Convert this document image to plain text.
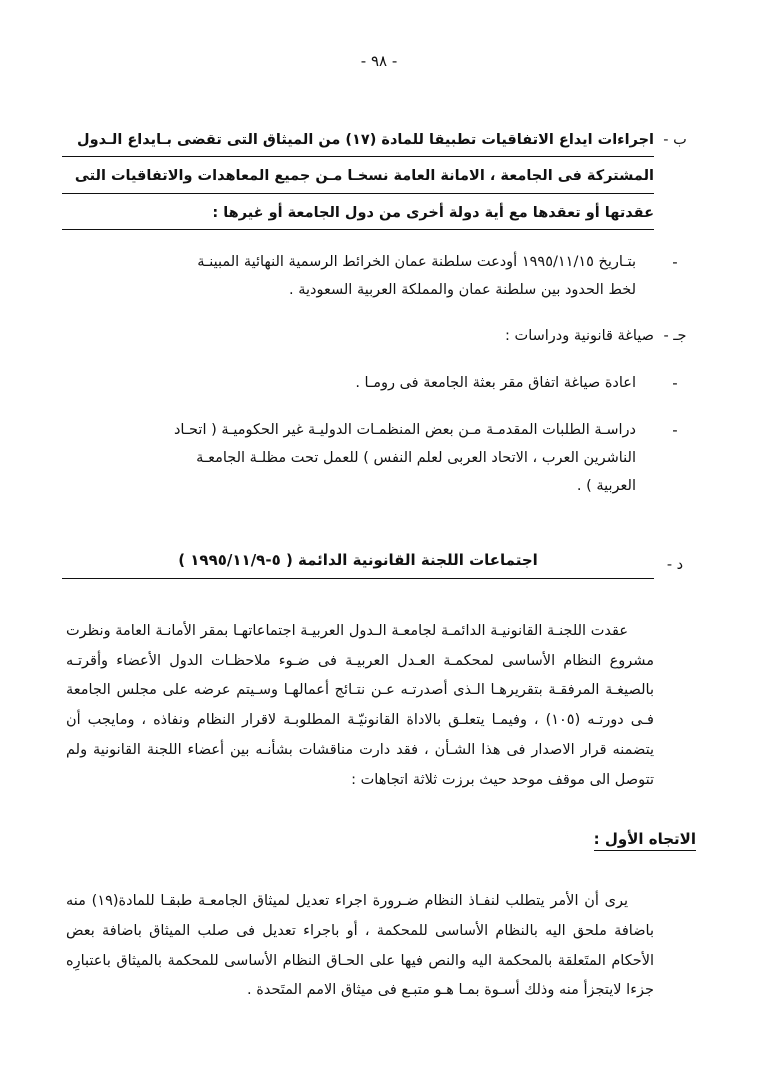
- ٩٨ -
ب -

اجراءات ايداع الاتفاقيات تطبيقا للمادة (١٧) من الميثاق التى تقضى بـايداع الـدول

المشتركة فى الجامعة ، الامانة العامة نسخـا مـن جميع المعاهدات والاتفاقيات التى

عقدتها أو تعقدها مع أية دولة أخرى من دول الجامعة أو غيرها :

-

بتـاريخ ١٩٩٥/١١/١٥ أودعت سلطنة عمان الخرائط الرسمية النهائية المبينـة

لخط الحدود بين سلطنة عمان والمملكة العربية السعودية .

جـ -

صياغة قانونية ودراسات :

-

اعادة صياغة اتفاق مقر بعثة الجامعة فى رومـا .

-

دراسـة الطلبات المقدمـة مـن بعض المنظمـات الدوليـة غير الحكوميـة ( اتحـاد

الناشرين العرب ، الاتحاد العربى لعلم النفس ) للعمل تحت مظلـة الجامعـة

العربية ) .

د -
اجتماعات اللجنة القانونية الدائمة ( ٥-١٩٩٥/١١/٩ )

عقدت اللجنـة القانونيـة الدائمـة لجامعـة الـدول العربيـة اجتماعاتهـا بمقر الأمانـة العامة ونظرت مشروع النظام الأساسى لمحكمـة العـدل العربيـة فى ضـوء ملاحظـات الدول الأعضاء وأقرتـه بالصيغـة المرفقـة بتقريرهـا الـذى أصدرتـه عـن نتـائج أعمالهـا وسـيتم عرضه على مجلس الجامعة فـى دورتـه (١٠٥) ، وفيمـا يتعلـق بالاداة القانونيّـة المطلوبـة لاقرار النظام ونفاذه ، ومايجب أن يتضمنه قرار الاصدار فى هذا الشـأن ، فقد دارت مناقشات بشأنـه بين أعضاء اللجنة القانونية ولم تتوصل الى موقف موحد حيث برزت ثلاثة اتجاهات :

الاتجاه الأول :

يرى أن الأمر يتطلب لنفـاذ النظام ضـرورة اجراء تعديل لميثاق الجامعـة طبقـا للمادة(١٩) منه باضافة ملحق اليه بالنظام الأساسى للمحكمة ، أو باجراء تعديل فى صلب الميثاق باضافة بعض الأحكام المتَعلقة بالمحكمة اليه والنص فيها على الحـاق النظام الأساسى للمحكمة بالميثاق باعتبارِه جزءا لايتجزأ منه وذلك أسـوة بمـا هـو متبـع فى ميثاق الامم المتَحدة .
